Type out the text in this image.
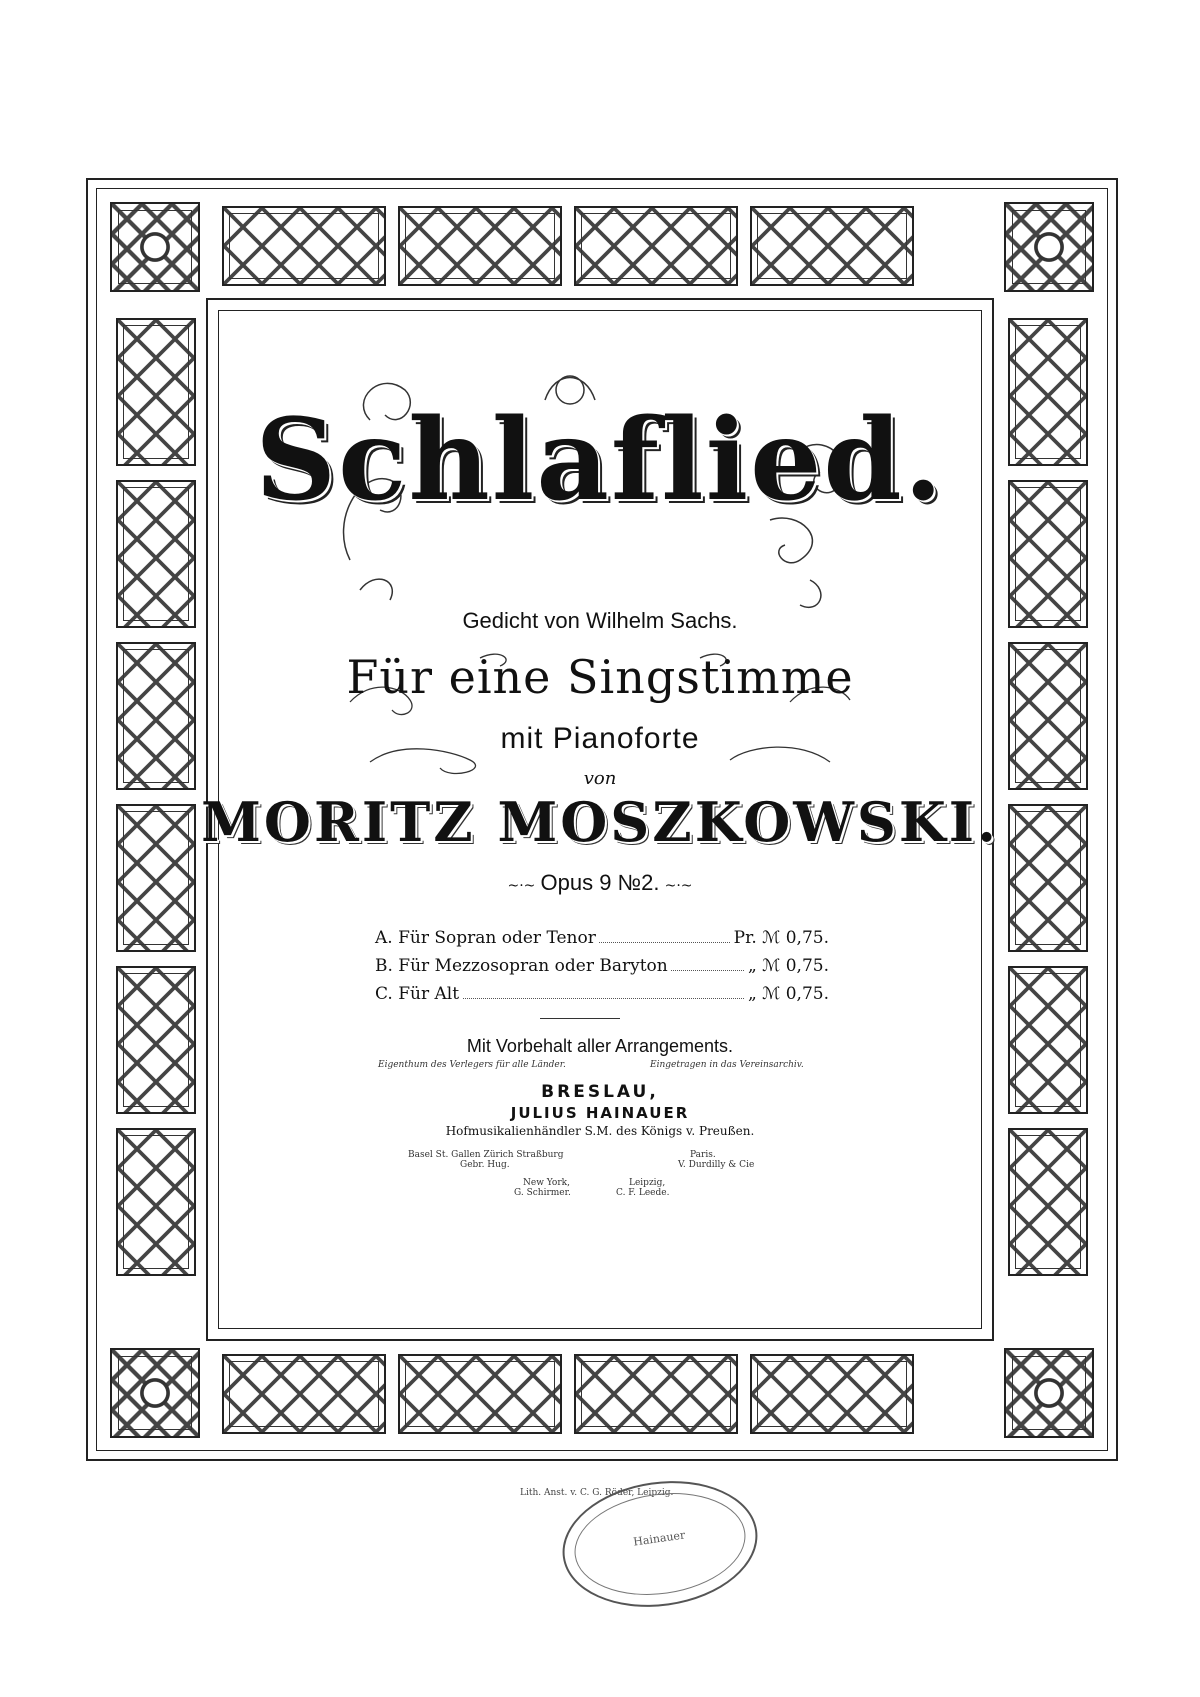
Schlaflied.
Gedicht von Wilhelm Sachs.
Für eine Singstimme
mit Pianoforte
von
MORITZ MOSZKOWSKI.
~·~ Opus 9 №2. ~·~
A. Für Sopran oder Tenor	Pr. ℳ 0,75.
B. Für Mezzosopran oder Baryton	„ ℳ 0,75.
C. Für Alt	„ ℳ 0,75.
Mit Vorbehalt aller Arrangements.
Eigenthum des Verlegers für alle Länder.	Eingetragen in das Vereinsarchiv.
BRESLAU,
JULIUS HAINAUER
Hofmusikalienhändler S.M. des Königs v. Preußen.
Basel St. Gallen Zürich Straßburg
Gebr. Hug.
Paris.
V. Durdilly & Cie
New York,
G. Schirmer.
Leipzig,
C. F. Leede.
Lith. Anst. v. C. G. Röder, Leipzig.
Hainauer
